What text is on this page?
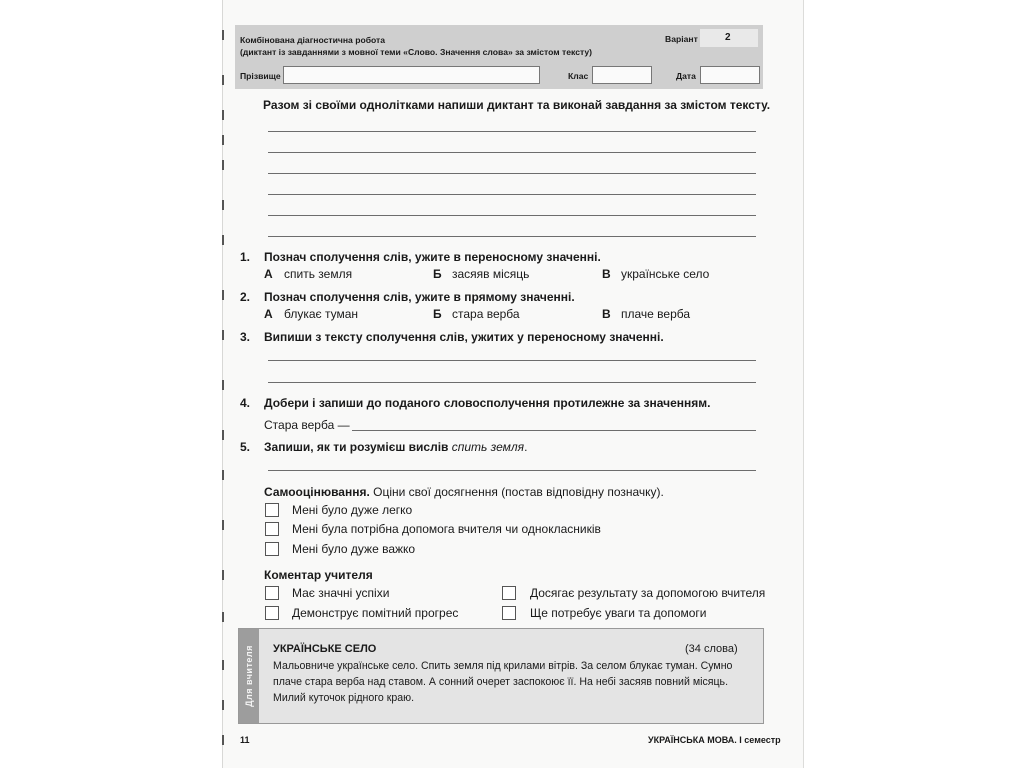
Комбінована діагностична робота
(диктант із завданнями з мовної теми «Слово. Значення слова» за змістом тексту)
Варіант	2
Прізвище	Клас	Дата
Разом зі своїми однолітками напиши диктант та виконай завдання за змістом тексту.
1. Познач сполучення слів, ужите в переносному значенні.
А спить земля	Б засяяв місяць	В українське село
2. Познач сполучення слів, ужите в прямому значенні.
А блукає туман	Б стара верба	В плаче верба
3. Випиши з тексту сполучення слів, ужитих у переносному значенні.
4. Добери і запиши до поданого словосполучення протилежне за значенням.
Стара верба —
5. Запиши, як ти розумієш вислів спить земля.
Самооцінювання. Оціни свої досягнення (постав відповідну позначку).
Мені було дуже легко
Мені була потрібна допомога вчителя чи однокласників
Мені було дуже важко
Коментар учителя
Має значні успіхи	Досягає результату за допомогою вчителя
Демонструє помітний прогрес	Ще потребує уваги та допомоги
Для вчителя УКРАЇНСЬКЕ СЕЛО	(34 слова)
Мальовниче українське село. Спить земля під крилами вітрів. За селом блукає туман. Сумно
плаче стара верба над ставом. А сонний очерет заспокоює її. На небі засяяв повний місяць.
Милий куточок рідного краю.
11	УКРАЇНСЬКА МОВА. І семестр
